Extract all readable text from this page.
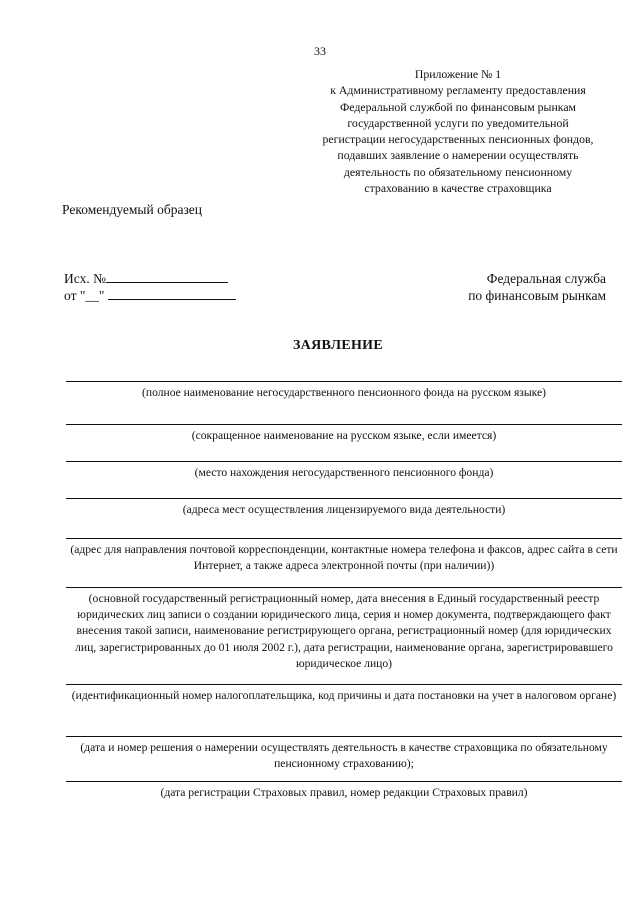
33
Приложение № 1
к Административному регламенту предоставления
Федеральной службой по финансовым рынкам
государственной услуги по уведомительной
регистрации негосударственных пенсионных фондов,
подавших заявление о намерении осуществлять
деятельность по обязательному пенсионному
страхованию в качестве страховщика
Рекомендуемый образец
Исх. №
от "__"
Федеральная служба
по финансовым рынкам
ЗАЯВЛЕНИЕ
(полное наименование негосударственного пенсионного фонда на русском языке)
(сокращенное наименование на русском языке, если имеется)
(место нахождения негосударственного пенсионного фонда)
(адреса мест осуществления лицензируемого вида деятельности)
(адрес для направления почтовой корреспонденции, контактные номера телефона и факсов, адрес сайта в сети Интернет, а также адреса электронной почты (при наличии))
(основной государственный регистрационный номер, дата внесения в Единый государственный реестр юридических лиц записи о создании юридического лица, серия и номер документа, подтверждающего факт внесения такой записи, наименование регистрирующего органа, регистрационный номер (для юридических лиц, зарегистрированных до 01 июля 2002 г.), дата регистрации, наименование органа, зарегистрировавшего юридическое лицо)
(идентификационный номер налогоплательщика, код причины и дата постановки на учет в налоговом органе)
(дата и номер решения о намерении осуществлять деятельность в качестве страховщика по обязательному пенсионному страхованию);
(дата регистрации Страховых правил, номер редакции Страховых правил)
